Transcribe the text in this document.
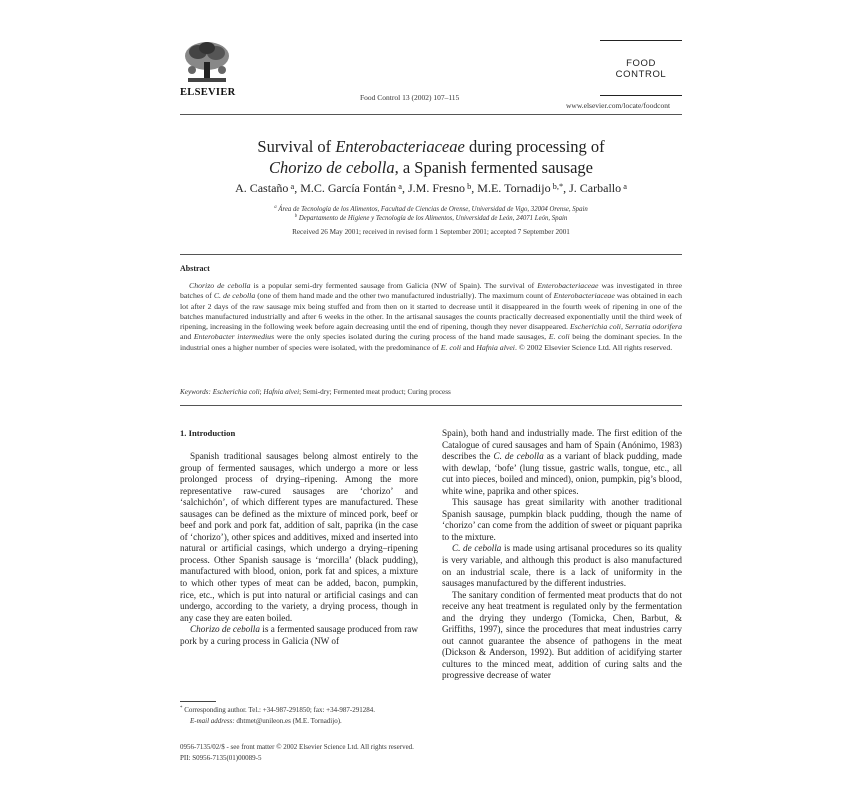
ELSEVIER	Food Control 13 (2002) 107–115
FOOD
CONTROL
www.elsevier.com/locate/foodcont
Survival of Enterobacteriaceae during processing of
Chorizo de cebolla, a Spanish fermented sausage
A. Castaño $^a$, M.C. García Fontán $^a$, J.M. Fresno $^b$, M.E. Tornadijo $^{b,*}$, J. Carballo $^a$
$^a$ Área de Tecnología de los Alimentos, Facultad de Ciencias de Orense, Universidad de Vigo, 32004 Orense, Spain
$^b$ Departamento de Higiene y Tecnología de los Alimentos, Universidad de León, 24071 León, Spain
Received 26 May 2001; received in revised form 1 September 2001; accepted 7 September 2001
Abstract
Chorizo de cebolla is a popular semi-dry fermented sausage from Galicia (NW of Spain). The survival of Enterobacteriaceae was investigated in three batches of C. de cebolla (one of them hand made and the other two manufactured industrially). The maximum count of Enterobacteriaceae was obtained in each lot after 2 days of the raw sausage mix being stuffed and from then on it started to decrease until it disappeared in the fourth week of ripening in one of the batches manufactured industrially and after 6 weeks in the other. In the artisanal sausages the counts practically decreased exponentially until the third week of ripening, increasing in the following week before again decreasing until the end of ripening, though they never disappeared. Escherichia coli, Serratia odorifera and Enterobacter intermedius were the only species isolated during the curing process of the hand made sausages, E. coli being the dominant species. In the industrial ones a higher number of species were isolated, with the predominance of E. coli and Hafnia alvei. © 2002 Elsevier Science Ltd. All rights reserved.
Keywords: Escherichia coli; Hafnia alvei; Semi-dry; Fermented meat product; Curing process
1. Introduction

Spanish traditional sausages belong almost entirely to the group of fermented sausages, which undergo a more or less prolonged process of drying–ripening. Among the more representative raw-cured sausages are ‘chorizo’ and ‘salchichón’, of which different types are manufactured. These sausages can be defined as the mixture of minced pork, beef or beef and pork and pork fat, addition of salt, paprika (in the case of ‘chorizo’), other spices and additives, mixed and inserted into natural or artificial casings, which undergo a drying–ripening process. Other Spanish sausage is ‘morcilla’ (black pudding), manufactured with blood, onion, pork fat and spices, a mixture to which other types of meat can be added, bacon, pumpkin, rice, etc., which is put into natural or artificial casings and can undergo, according to the variety, a drying process, though in any case they are eaten boiled.

Chorizo de cebolla is a fermented sausage produced from raw pork by a curing process in Galicia (NW of

Spain), both hand and industrially made. The first edition of the Catalogue of cured sausages and ham of Spain (Anónimo, 1983) describes the C. de cebolla as a variant of black pudding, made with dewlap, ‘bofe’ (lung tissue, gastric walls, tongue, etc., all cut into pieces, boiled and minced), onion, pumpkin, pig’s blood, white wine, paprika and other spices.

This sausage has great similarity with another traditional Spanish sausage, pumpkin black pudding, though the name of ‘chorizo’ can come from the addition of sweet or piquant paprika to the mixture.

C. de cebolla is made using artisanal procedures so its quality is very variable, and although this product is also manufactured on an industrial scale, there is a lack of uniformity in the sausages manufactured by the different industries.

The sanitary condition of fermented meat products that do not receive any heat treatment is regulated only by the fermentation and the drying they undergo (Tomicka, Chen, Barbut, & Griffiths, 1997), since the procedures that meat industries carry out cannot guarantee the absence of pathogens in the meat (Dickson & Anderson, 1992). But addition of acidifying starter cultures to the minced meat, addition of curing salts and the progressive decrease of water

* Corresponding author. Tel.: +34-987-291850; fax: +34-987-291284.
E-mail address: dhtmet@unileon.es (M.E. Tornadijo).
0956-7135/02/$ - see front matter © 2002 Elsevier Science Ltd. All rights reserved.
PII: S0956-7135(01)00089-5
